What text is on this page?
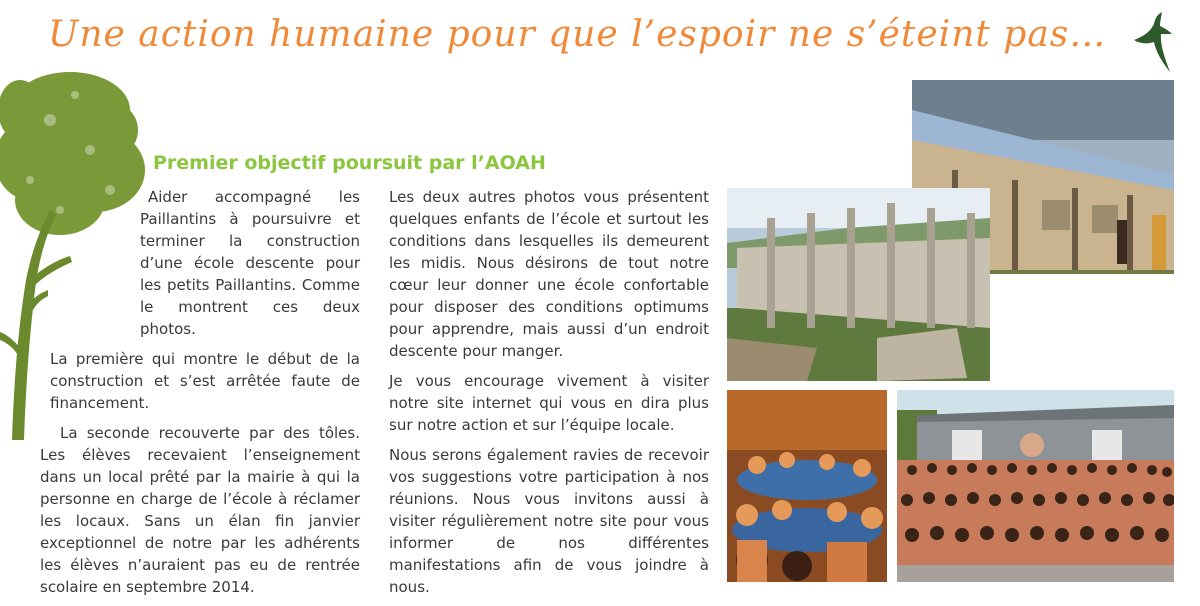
Une action humaine pour que l’espoir ne s’éteint pas…
Premier objectif poursuit par l’AOAH

Aider accompagné les Paillantins à poursuivre et terminer la construction d’une école descente pour les petits Paillantins. Comme le montrent ces deux photos.

La première qui montre le début de la construction et s’est arrêtée faute de financement.

La seconde recouverte par des tôles. Les élèves recevaient l’enseignement dans un local prêté par la mairie à qui la personne en charge de l’école à réclamer les locaux. Sans un élan fin janvier exceptionnel de notre par les adhérents les élèves n’auraient pas eu de rentrée scolaire en septembre 2014.

Les deux autres photos vous présentent quelques enfants de l’école et surtout les conditions dans lesquelles ils demeurent les midis. Nous désirons de tout notre cœur leur donner une école confortable pour disposer des conditions optimums pour apprendre, mais aussi d’un endroit descente pour manger.

Je vous encourage vivement à visiter notre site internet qui vous en dira plus sur notre action et sur l’équipe locale.

Nous serons également ravies de recevoir vos suggestions votre participation à nos réunions. Nous vous invitons aussi à visiter régulièrement notre site pour vous informer de nos différentes manifestations afin de vous joindre à nous.
